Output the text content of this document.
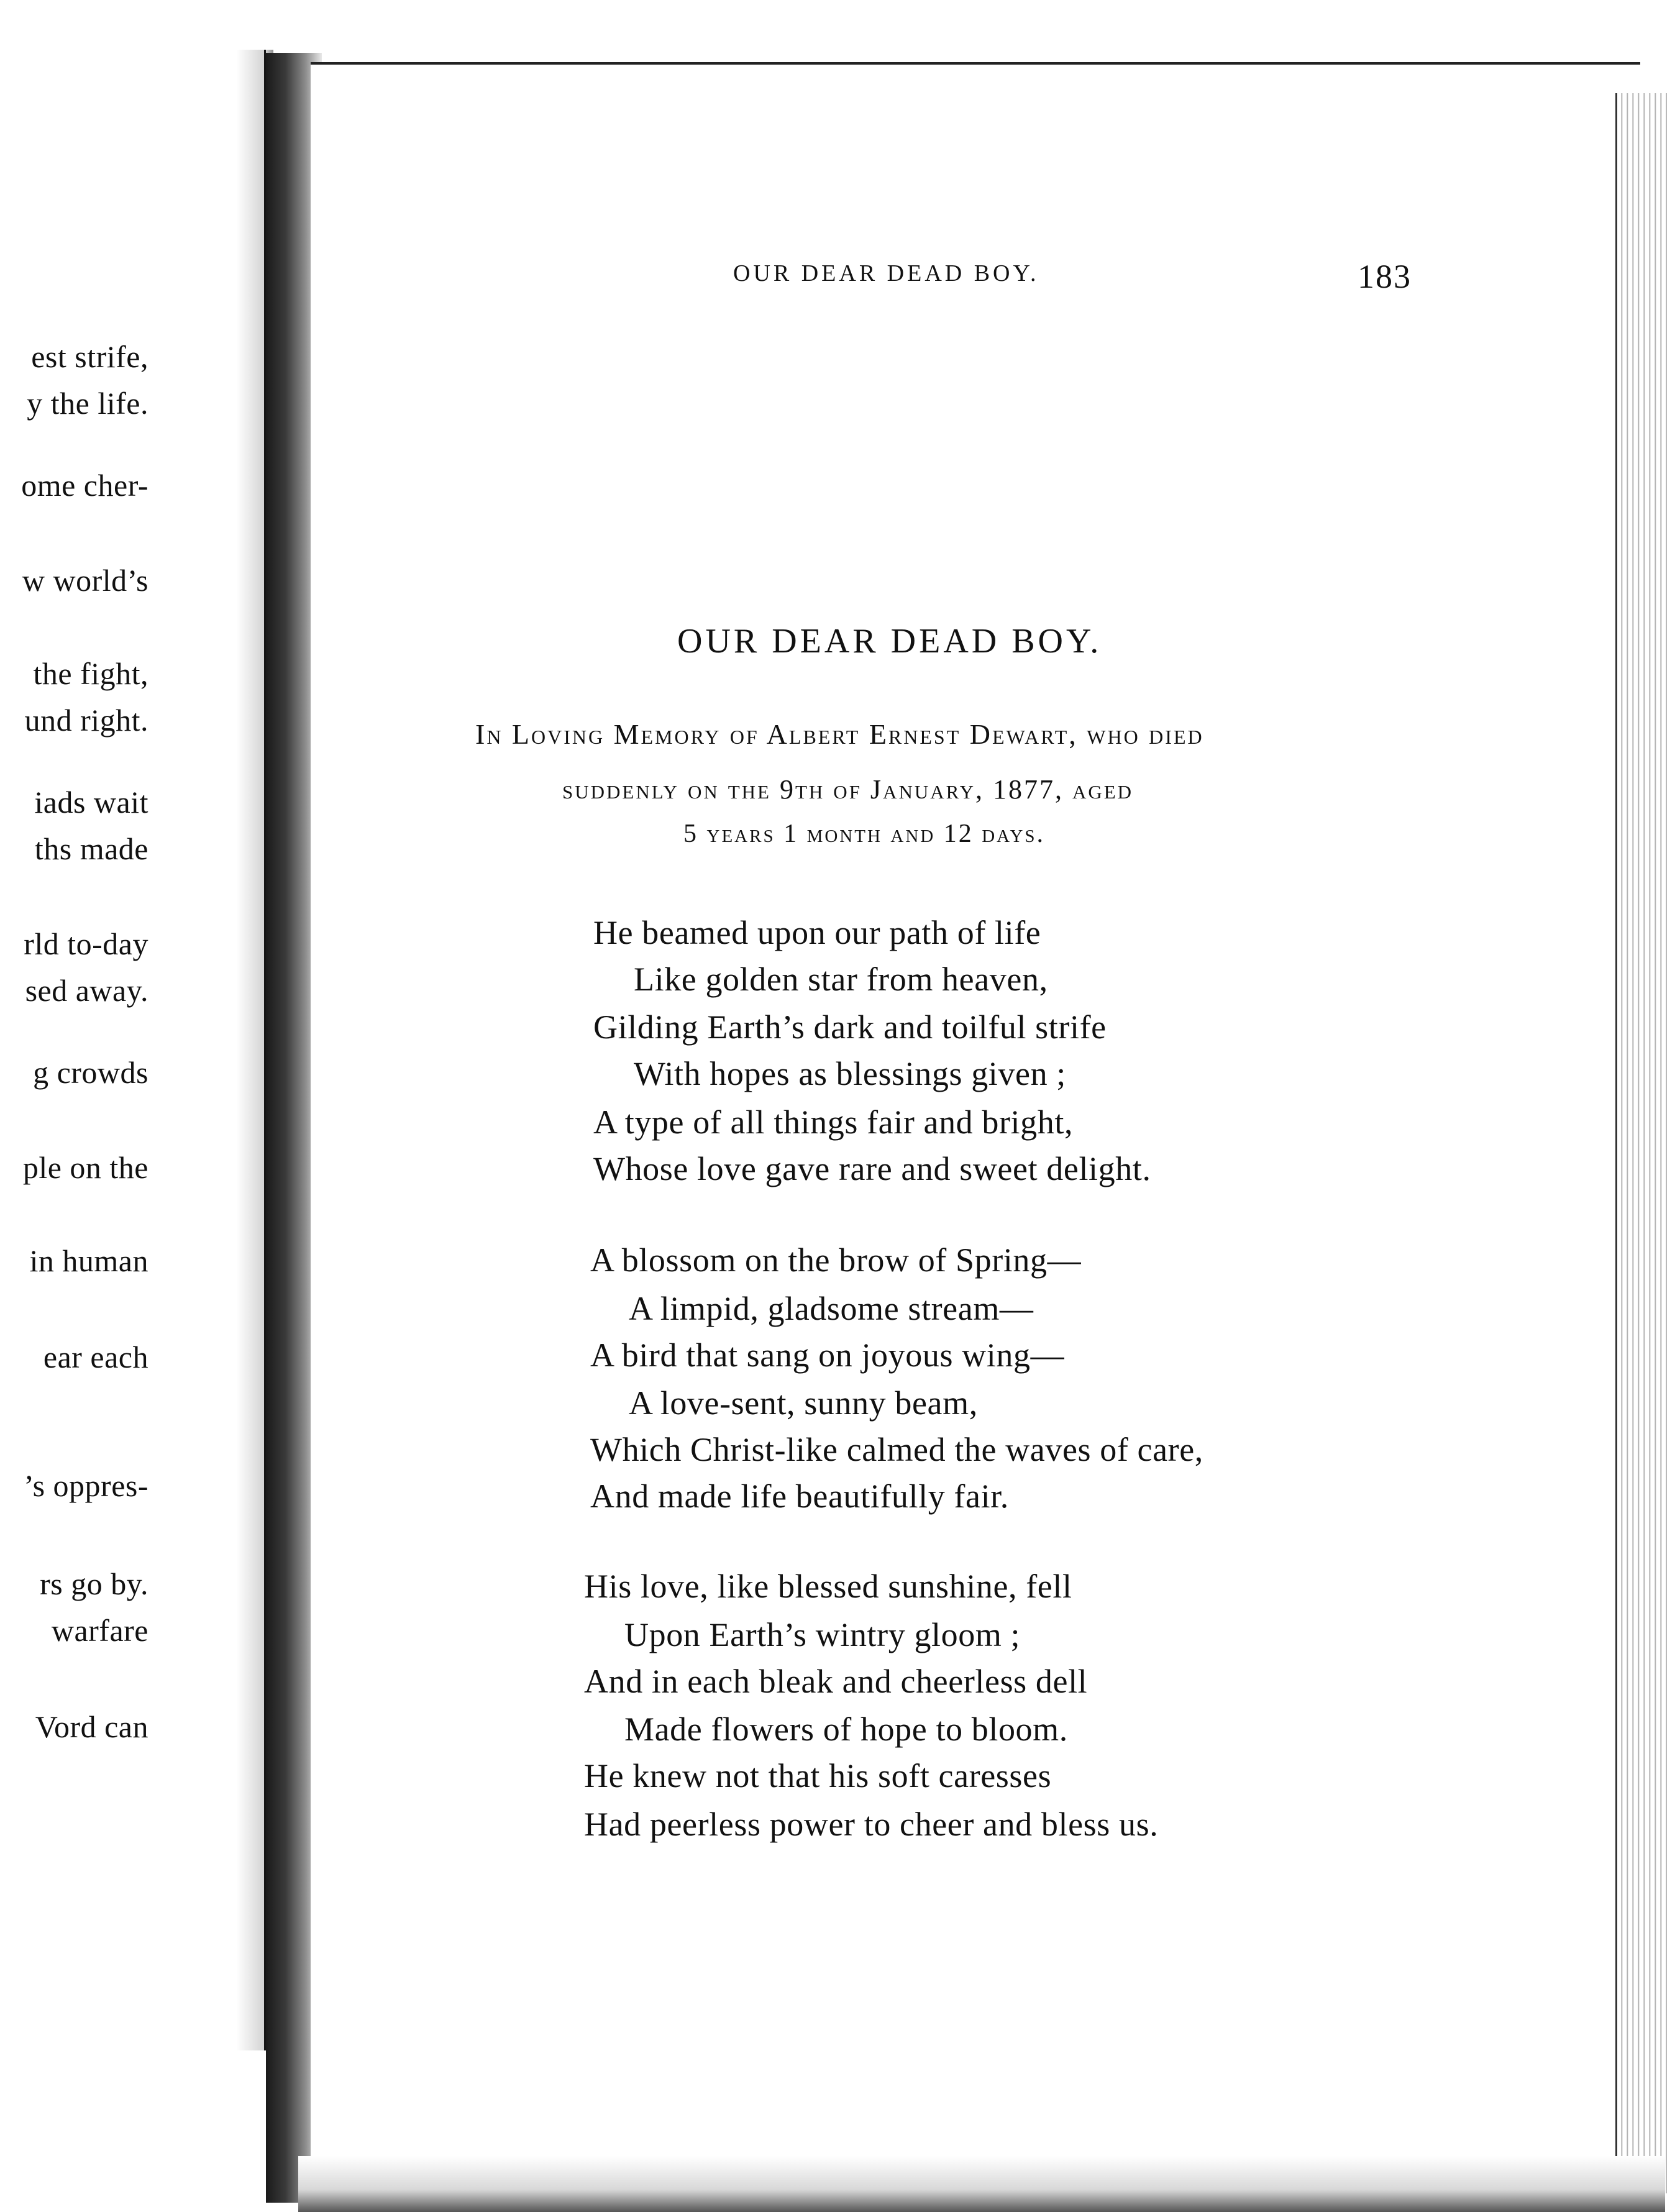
est strife,
y the life.
ome cher-
w world’s
the fight,
und right.
iads wait
ths made
rld to-day
sed away.
g crowds
ple on the
in human
ear each
’s oppres-
rs go by.
warfare
Vord can
OUR DEAR DEAD BOY.	183
OUR DEAR DEAD BOY.
In Loving Memory of Albert Ernest Dewart, who died
suddenly on the 9th of January, 1877, aged
5 years 1 month and 12 days.
He beamed upon our path of life
Like golden star from heaven,
Gilding Earth’s dark and toilful strife
With hopes as blessings given ;
A type of all things fair and bright,
Whose love gave rare and sweet delight.
A blossom on the brow of Spring—
A limpid, gladsome stream—
A bird that sang on joyous wing—
A love-sent, sunny beam,
Which Christ-like calmed the waves of care,
And made life beautifully fair.
His love, like blessed sunshine, fell
Upon Earth’s wintry gloom ;
And in each bleak and cheerless dell
Made flowers of hope to bloom.
He knew not that his soft caresses
Had peerless power to cheer and bless us.
